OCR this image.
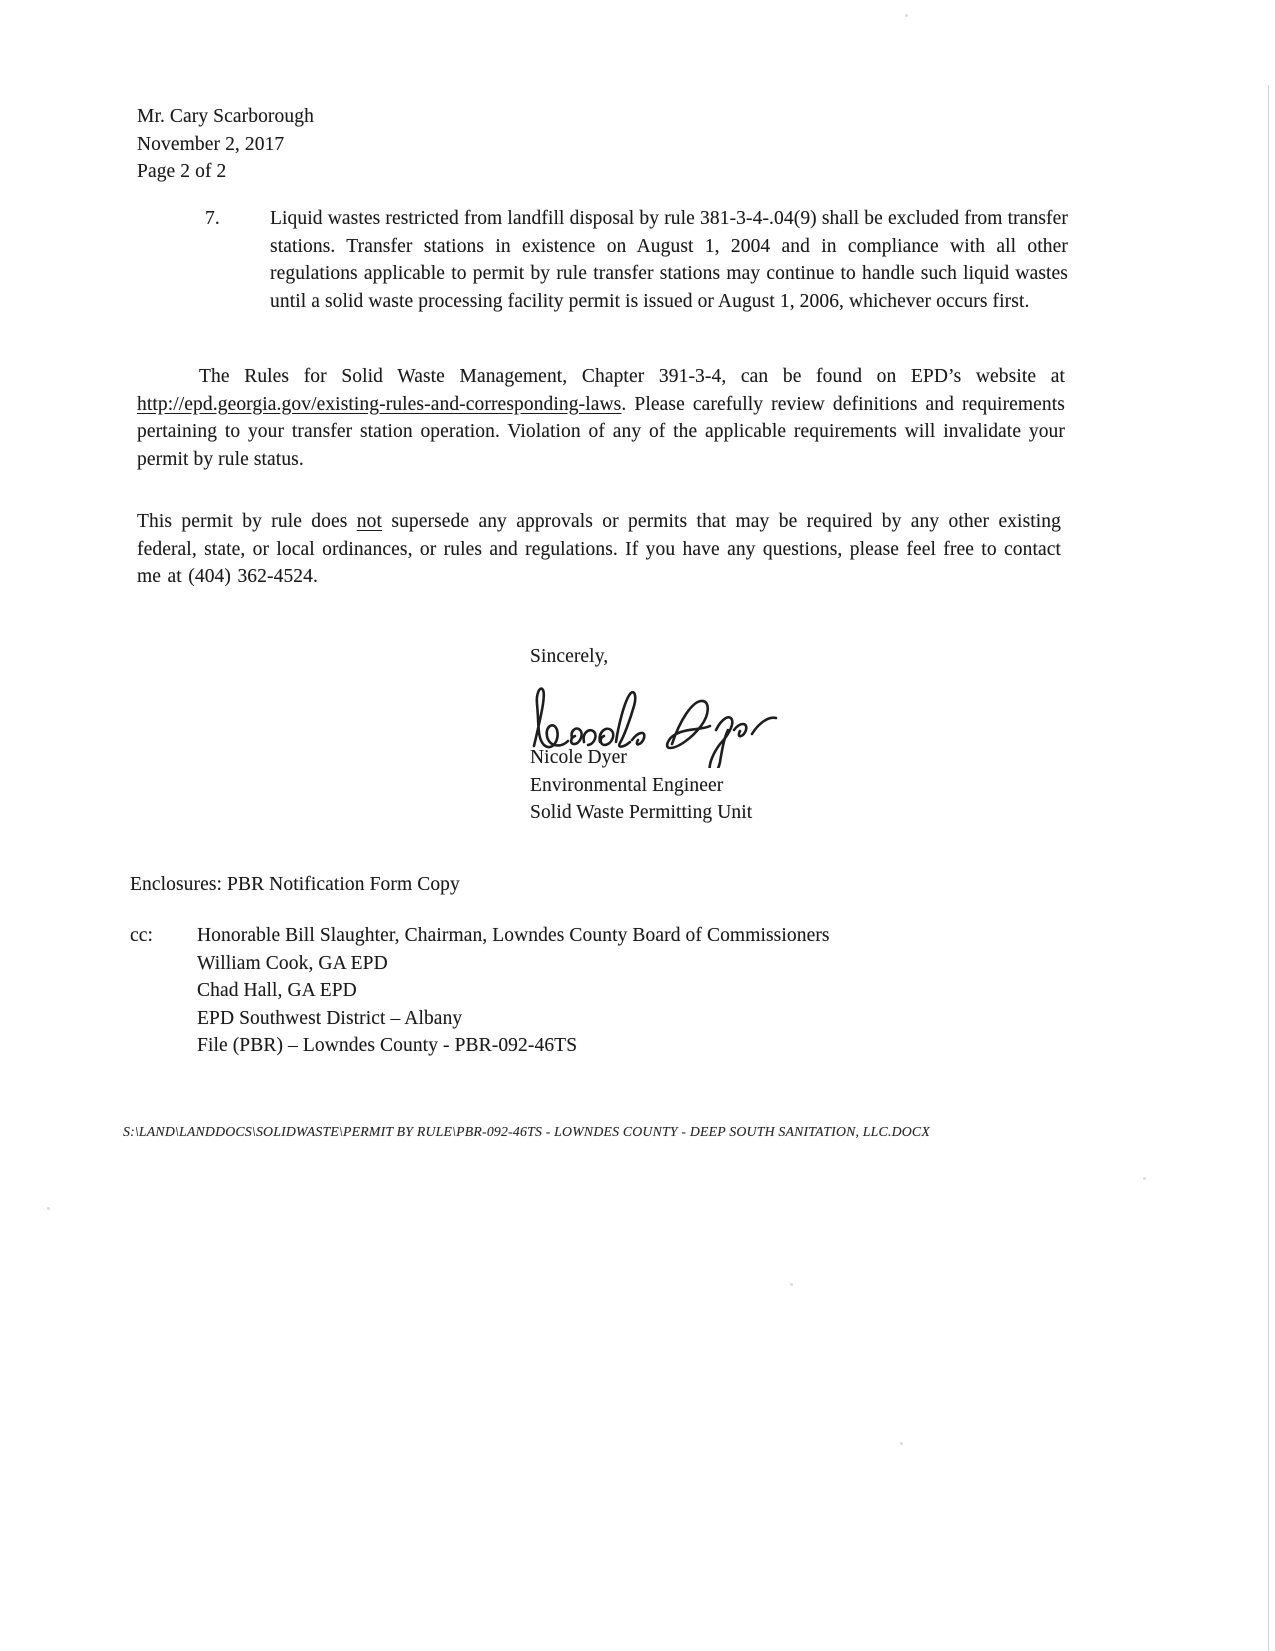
Mr. Cary Scarborough
November 2, 2017
Page 2 of 2
7.	Liquid wastes restricted from landfill disposal by rule 381-3-4-.04(9) shall be excluded from transfer stations. Transfer stations in existence on August 1, 2004 and in compliance with all other regulations applicable to permit by rule transfer stations may continue to handle such liquid wastes until a solid waste processing facility permit is issued or August 1, 2006, whichever occurs first.
The Rules for Solid Waste Management, Chapter 391-3-4, can be found on EPD’s website at http://epd.georgia.gov/existing-rules-and-corresponding-laws. Please carefully review definitions and requirements pertaining to your transfer station operation. Violation of any of the applicable requirements will invalidate your permit by rule status.
This permit by rule does not supersede any approvals or permits that may be required by any other existing federal, state, or local ordinances, or rules and regulations. If you have any questions, please feel free to contact me at (404) 362-4524.
Sincerely,
Nicole Dyer
Environmental Engineer
Solid Waste Permitting Unit
Enclosures: PBR Notification Form Copy
cc: Honorable Bill Slaughter, Chairman, Lowndes County Board of Commissioners
William Cook, GA EPD
Chad Hall, GA EPD
EPD Southwest District – Albany
File (PBR) – Lowndes County - PBR-092-46TS
S:\LAND\LANDDOCS\SOLIDWASTE\PERMIT BY RULE\PBR-092-46TS - LOWNDES COUNTY - DEEP SOUTH SANITATION, LLC.DOCX
